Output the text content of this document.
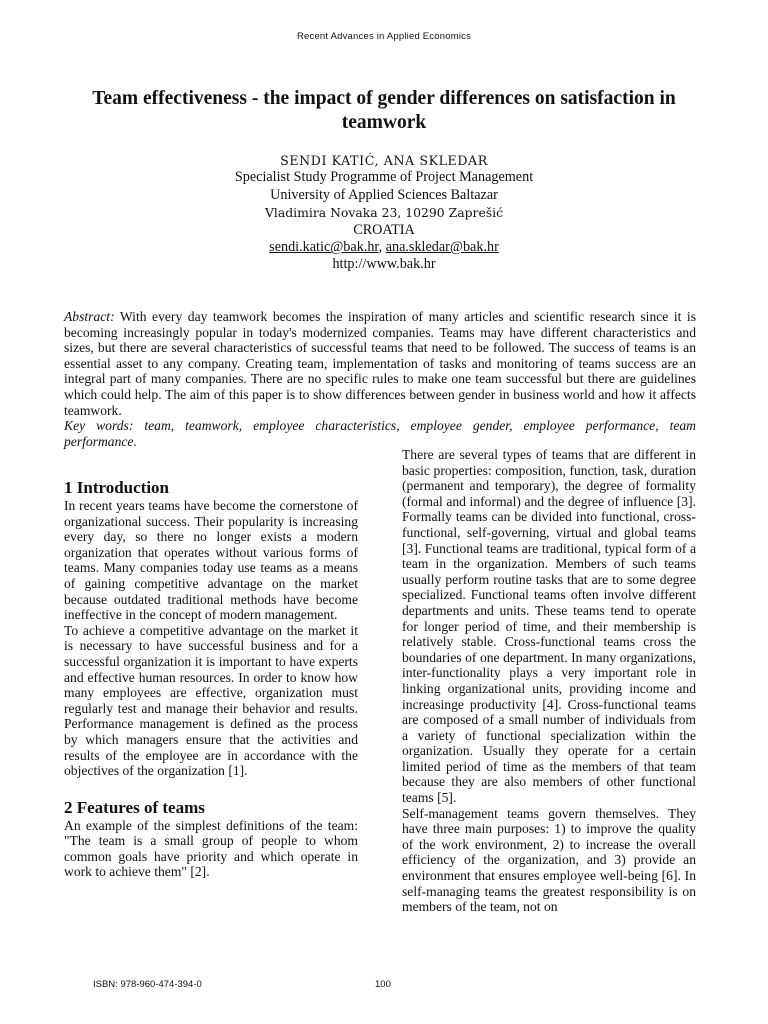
Recent Advances in Applied Economics
Team effectiveness - the impact of gender differences on satisfaction in teamwork
SENDI KATIĆ, ANA SKLEDAR
Specialist Study Programme of Project Management
University of Applied Sciences Baltazar
Vladimira Novaka 23, 10290 Zaprešić
CROATIA
sendi.katic@bak.hr, ana.skledar@bak.hr
http://www.bak.hr
Abstract: With every day teamwork becomes the inspiration of many articles and scientific research since it is becoming increasingly popular in today's modernized companies. Teams may have different characteristics and sizes, but there are several characteristics of successful teams that need to be followed. The success of teams is an essential asset to any company. Creating team, implementation of tasks and monitoring of teams success are an integral part of many companies. There are no specific rules to make one team successful but there are guidelines which could help. The aim of this paper is to show differences between gender in business world and how it affects teamwork.
Key words: team, teamwork, employee characteristics, employee gender, employee performance, team performance.
1 Introduction

In recent years teams have become the cornerstone of organizational success. Their popularity is increasing every day, so there no longer exists a modern organization that operates without various forms of teams. Many companies today use teams as a means of gaining competitive advantage on the market because outdated traditional methods have become ineffective in the concept of modern management.

To achieve a competitive advantage on the market it is necessary to have successful business and for a successful organization it is important to have experts and effective human resources. In order to know how many employees are effective, organization must regularly test and manage their behavior and results. Performance management is defined as the process by which managers ensure that the activities and results of the employee are in accordance with the objectives of the organization [1].

2 Features of teams

An example of the simplest definitions of the team: "The team is a small group of people to whom common goals have priority and which operate in work to achieve them" [2].

There are several types of teams that are different in basic properties: composition, function, task, duration (permanent and temporary), the degree of formality (formal and informal) and the degree of influence [3]. Formally teams can be divided into functional, cross-functional, self-governing, virtual and global teams [3]. Functional teams are traditional, typical form of a team in the organization. Members of such teams usually perform routine tasks that are to some degree specialized. Functional teams often involve different departments and units. These teams tend to operate for longer period of time, and their membership is relatively stable. Cross-functional teams cross the boundaries of one department. In many organizations, inter-functionality plays a very important role in linking organizational units, providing income and increasinge productivity [4]. Cross-functional teams are composed of a small number of individuals from a variety of functional specialization within the organization. Usually they operate for a certain limited period of time as the members of that team because they are also members of other functional teams [5].

Self-management teams govern themselves. They have three main purposes: 1) to improve the quality of the work environment, 2) to increase the overall efficiency of the organization, and 3) provide an environment that ensures employee well-being [6]. In self-managing teams the greatest responsibility is on members of the team, not on

ISBN: 978-960-474-394-0	100
